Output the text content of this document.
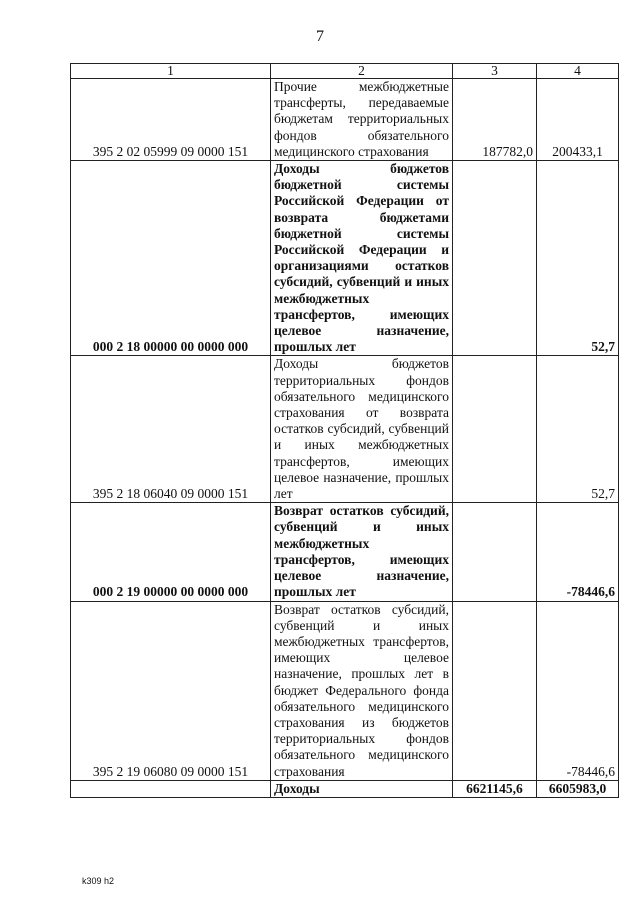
7
1	2	3	4
395 2 02 05999 09 0000 151	Прочие межбюджетные трансферты, передаваемые бюджетам территориальных фондов обязательного медицинского страхования	187782,0	200433,1
000 2 18 00000 00 0000 000	Доходы бюджетов бюджетной системы Российской Федерации от возврата бюджетами бюджетной системы Российской Федерации и организациями остатков субсидий, субвенций и иных межбюджетных трансфертов, имеющих целевое назначение, прошлых лет		52,7
395 2 18 06040 09 0000 151	Доходы бюджетов территориальных фондов обязательного медицинского страхования от возврата остатков субсидий, субвенций и иных межбюджетных трансфертов, имеющих целевое назначение, прошлых лет		52,7
000 2 19 00000 00 0000 000	Возврат остатков субсидий, субвенций и иных межбюджетных трансфертов, имеющих целевое назначение, прошлых лет		-78446,6
395 2 19 06080 09 0000 151	Возврат остатков субсидий, субвенций и иных межбюджетных трансфертов, имеющих целевое назначение, прошлых лет в бюджет Федерального фонда обязательного медицинского страхования из бюджетов территориальных фондов обязательного медицинского страхования		-78446,6
	Доходы	6621145,6	6605983,0
k309 h2
